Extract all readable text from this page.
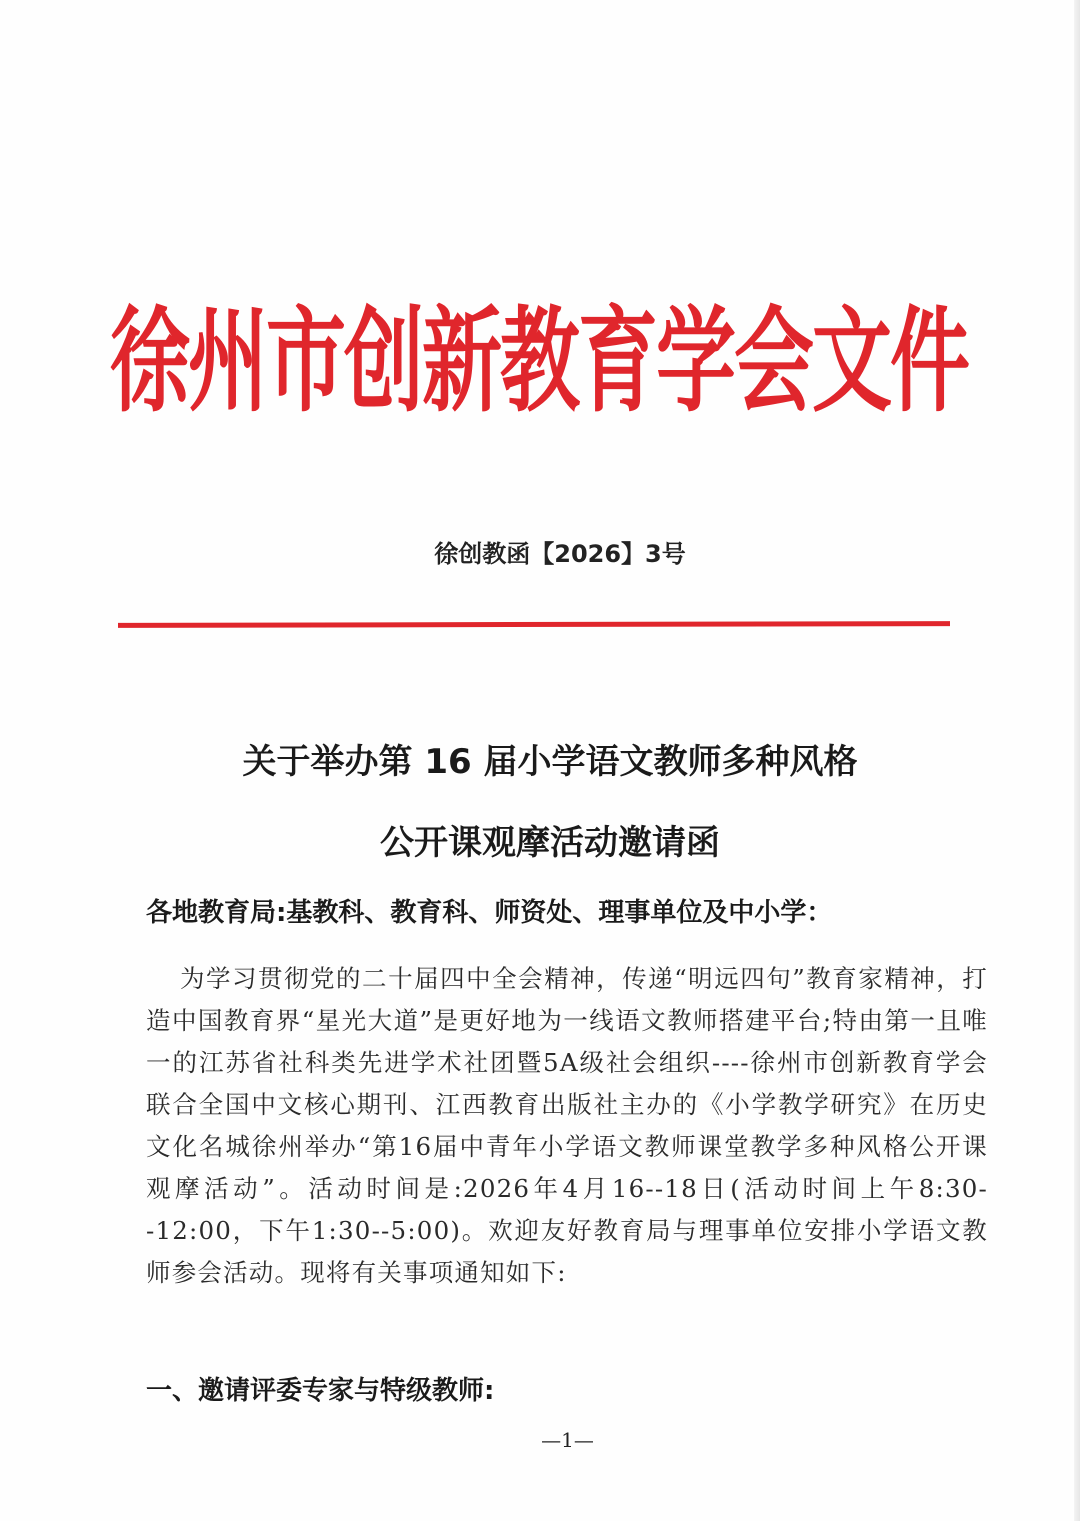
徐州市创新教育学会文件
徐创教函【2026】3号
关于举办第 16 届小学语文教师多种风格
公开课观摩活动邀请函
各地教育局:基教科、教育科、师资处、理事单位及中小学：
为学习贯彻党的二十届四中全会精神，传递“明远四句”教育家精神，打造中国教育界“星光大道”是更好地为一线语文教师搭建平台;特由第一且唯一的江苏省社科类先进学术社团暨5A级社会组织----徐州市创新教育学会联合全国中文核心期刊、江西教育出版社主办的《小学教学研究》在历史文化名城徐州举办“第16届中青年小学语文教师课堂教学多种风格公开课观摩活动”。活动时间是:2026年4月16--18日(活动时间上午8:30--12:00，下午1:30--5:00)。欢迎友好教育局与理事单位安排小学语文教师参会活动。现将有关事项通知如下:
一、邀请评委专家与特级教师:
—1—
